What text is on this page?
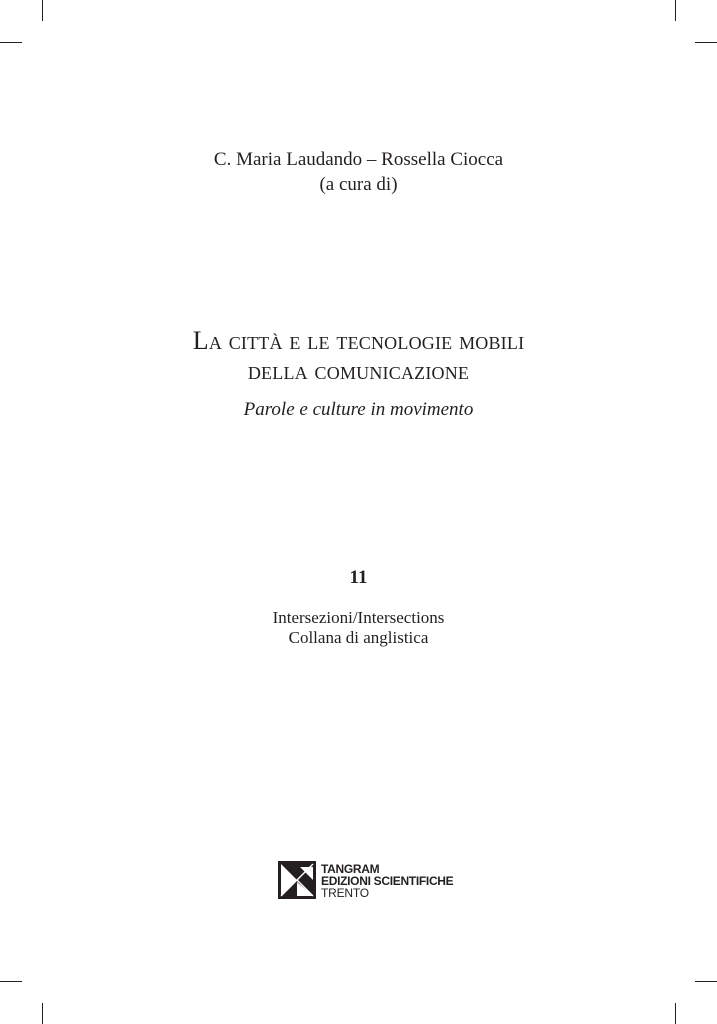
C. Maria Laudando – Rossella Ciocca
(a cura di)
La città e le tecnologie mobili
della comunicazione
Parole e culture in movimento
11
Intersezioni/Intersections
Collana di anglistica
TANGRAM
EDIZIONI SCIENTIFICHE
TRENTO
